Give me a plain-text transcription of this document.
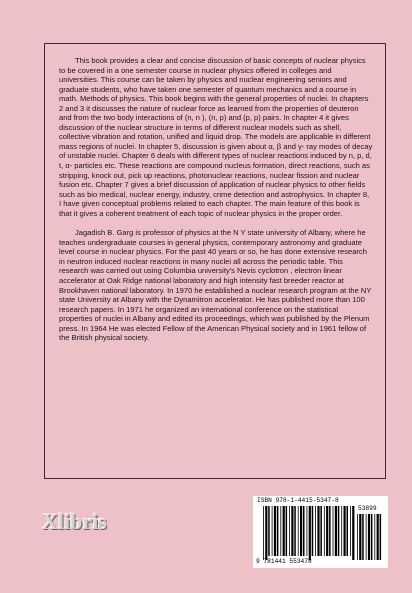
This book provides a clear and concise discussion of basic concepts of nuclear physics to be covered in a one semester course in nuclear physics offered in colleges and universities. This course can be taken by physics and nuclear engineering seniors and graduate students, who have taken one semester of quantum mechanics and a course in math. Methods of physics. This book begins with the general properties of nuclei. In chapters 2 and 3 it discusses the nature of nuclear force as learned from the properties of deuteron and from the two body interactions of (n, n ), (n, p) and (p, p) pairs. In chapter 4 it gives discussion of the nuclear structure in terms of different nuclear models such as shell, collective vibration and rotation, unified and liquid drop. The models are applicable in different mass regions of nuclei. In chapter 5, discussion is given about α, β and γ- ray modes of decay of unstable nuclei. Chapter 6 deals with different types of nuclear reactions induced by n, p, d, t, α- particles etc. These reactions are compound nucleus formation, direct reactions, such as stripping, knock out, pick up reactions, photonuclear reactions, nuclear fission and nuclear fusion etc. Chapter 7 gives a brief discussion of application of nuclear physics to other fields such as bio medical, nuclear energy, industry, crime detection and astrophysics. In chapter 8, I have given conceptual problems related to each chapter. The main feature of this book is that it gives a coherent treatment of each topic of nuclear physics in the proper order.

Jagadish B. Garg is professor of physics at the N Y state university of Albany, where he teaches undergraduate courses in general physics, contemporary astronomy and graduate level course in nuclear physics. For the past 40 years or so, he has done extensive research in neutron induced nuclear reactions in many nuclei all across the periodic table. This research was carried out using Columbia university's Nevis cyclotron , electron linear accelerator at Oak Ridge national laboratory and high intensity fast breeder reactor at Brookhaven national laboratory. In 1970 he established a nuclear research program at the NY state University at Albany with the Dynamitron accelerator. He has published more than 100 research papers. In 1971 he organized an international conference on the statistical properties of nuclei in Albany and edited its proceedings, which was published by the Plenum press. In 1964 He was elected Fellow of the American Physical society and in 1961 fellow of the British physical society.

Xlibris
ISBN 978-1-4415-5347-8
53899
9 781441 553478
